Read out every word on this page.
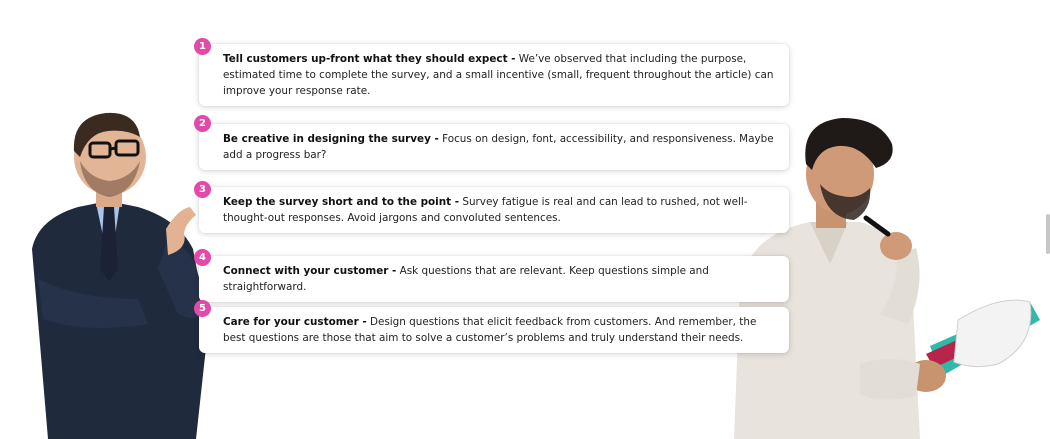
Tell customers up-front what they should expect - We’ve observed that including the purpose, estimated time to complete the survey, and a small incentive (small, frequent throughout the article) can improve your response rate.
1
Be creative in designing the survey - Focus on design, font, accessibility, and responsiveness. Maybe add a progress bar?
2
Keep the survey short and to the point - Survey fatigue is real and can lead to rushed, not well-thought-out responses. Avoid jargons and convoluted sentences.
3
Connect with your customer - Ask questions that are relevant. Keep questions simple and straightforward.
4
Care for your customer - Design questions that elicit feedback from customers. And remember, the best questions are those that aim to solve a customer’s problems and truly understand their needs.
5
